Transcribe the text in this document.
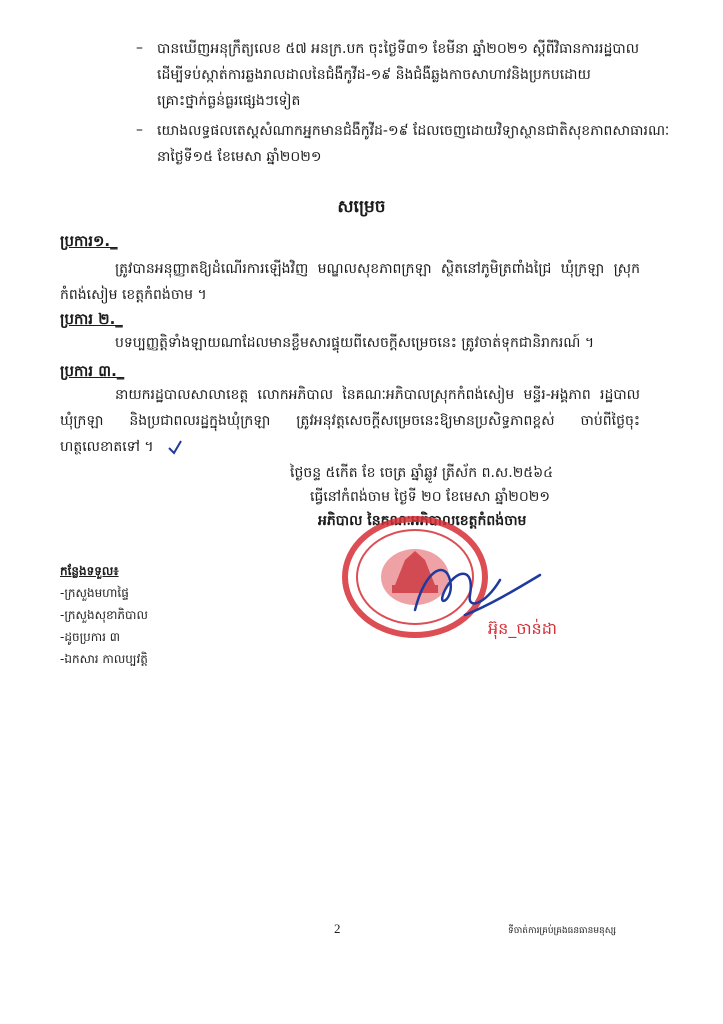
– បានឃើញអនុក្រឹត្យលេខ ៥៧ អនក្រ.បក ចុះថ្ងៃទី៣១ ខែមីនា ឆ្នាំ២០២១ ស្តីពីវិធានការរដ្ឋបាល
ដើម្បីទប់ស្កាត់ការឆ្លងរាលដាលនៃជំងឺកូវីដ-១៩ និងជំងឺឆ្លងកាចសាហាវនិងប្រកបដោយ
គ្រោះថ្នាក់ធ្ងន់ធ្ងរផ្សេងៗទៀត
– យោងលទ្ធផលតេស្តសំណាកអ្នកមានជំងឺកូវីដ-១៩ ដែលចេញដោយវិទ្យាស្ថានជាតិសុខភាពសាធារណៈ
នាថ្ងៃទី១៥ ខែមេសា ឆ្នាំ២០២១
សម្រេច
ប្រការ១._
ត្រូវបានអនុញ្ញាតឱ្យដំណើរការឡើងវិញ មណ្ឌលសុខភាពក្រឡា ស្ថិតនៅភូមិត្រពាំងជ្រៃ ឃុំក្រឡា ស្រុក
កំពង់សៀម ខេត្តកំពង់ចាម ។
ប្រការ ២._
បទប្បញ្ញត្តិទាំងឡាយណាដែលមានខ្លឹមសារផ្ទុយពីសេចក្តីសម្រេចនេះ ត្រូវចាត់ទុកជានិរាករណ៍ ។
ប្រការ ៣._
នាយករដ្ឋបាលសាលាខេត្ត លោកអភិបាល នៃគណៈអភិបាលស្រុកកំពង់សៀម មន្ទីរ-អង្គភាព រដ្ឋបាល
ឃុំក្រឡា និងប្រជាពលរដ្ឋក្នុងឃុំក្រឡា ត្រូវអនុវត្តសេចក្តីសម្រេចនេះឱ្យមានប្រសិទ្ធភាពខ្ពស់ ចាប់ពីថ្ងៃចុះ
ហត្ថលេខាតទៅ ។
ថ្ងៃចន្ទ ៥កើត ខែ ចេត្រ ឆ្នាំឆ្លូវ ត្រីស័ក ព.ស.២៥៦៤
ធ្វើនៅកំពង់ចាម ថ្ងៃទី ២០ ខែមេសា ឆ្នាំ២០២១
អភិបាល នៃគណៈអភិបាលខេត្តកំពង់ចាម
អ៊ុន_ចាន់ដា
កន្លែងទទួល៖
-ក្រសួងមហាផ្ទៃ
-ក្រសួងសុខាភិបាល
-ដូចប្រការ ៣
-ឯកសារ កាលប្បវត្តិ
2	ទីចាត់ការគ្រប់គ្រងធនធានមនុស្ស
